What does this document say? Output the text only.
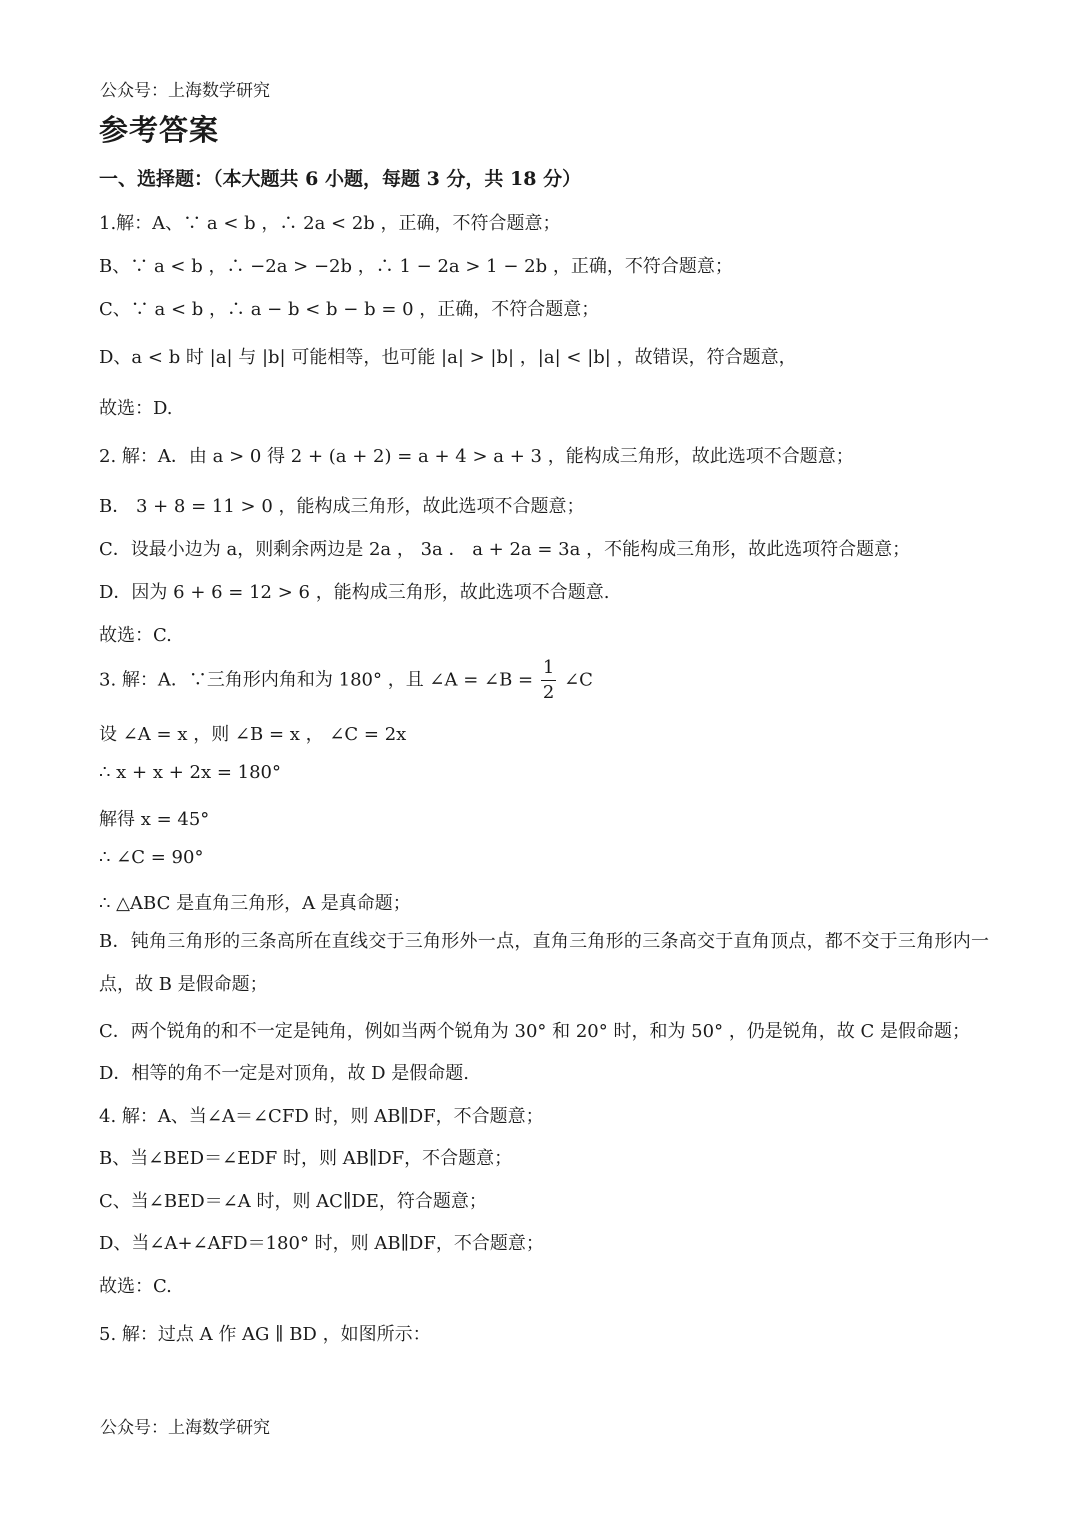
公众号：上海数学研究
参考答案
一、选择题：（本大题共 6 小题，每题 3 分，共 18 分）
1.解：A、∵ a < b ，∴ 2a < 2b ，正确，不符合题意；
B、∵ a < b ，∴ −2a > −2b ，∴ 1 − 2a > 1 − 2b ，正确，不符合题意；
C、∵ a < b ，∴ a − b < b − b = 0 ，正确，不符合题意；
D、a < b 时 |a| 与 |b| 可能相等，也可能 |a| > |b| ，|a| < |b| ，故错误，符合题意，
故选：D.
2. 解：A．由 a > 0 得 2 + (a + 2) = a + 4 > a + 3 ，能构成三角形，故此选项不合题意；
B． 3 + 8 = 11 > 0 ，能构成三角形，故此选项不合题意；
C．设最小边为 a，则剩余两边是 2a ， 3a ． a + 2a = 3a ，不能构成三角形，故此选项符合题意；
D．因为 6 + 6 = 12 > 6 ，能构成三角形，故此选项不合题意.
故选：C.
3. 解：A．∵三角形内角和为 180° ，且 ∠A = ∠B = $\frac{1}{2}$ ∠C
设 ∠A = x ，则 ∠B = x ， ∠C = 2x
∴ x + x + 2x = 180°
解得 x = 45°
∴ ∠C = 90°
∴ △ABC 是直角三角形，A 是真命题；
B．钝角三角形的三条高所在直线交于三角形外一点，直角三角形的三条高交于直角顶点，都不交于三角形内一点，故 B 是假命题；
C．两个锐角的和不一定是钝角，例如当两个锐角为 30° 和 20° 时，和为 50° ，仍是锐角，故 C 是假命题；
D．相等的角不一定是对顶角，故 D 是假命题.
4. 解：A、当∠A＝∠CFD 时，则 AB∥DF，不合题意；
B、当∠BED＝∠EDF 时，则 AB∥DF，不合题意；
C、当∠BED＝∠A 时，则 AC∥DE，符合题意；
D、当∠A+∠AFD＝180° 时，则 AB∥DF，不合题意；
故选：C.
5. 解：过点 A 作 AG ∥ BD ，如图所示：
公众号：上海数学研究
